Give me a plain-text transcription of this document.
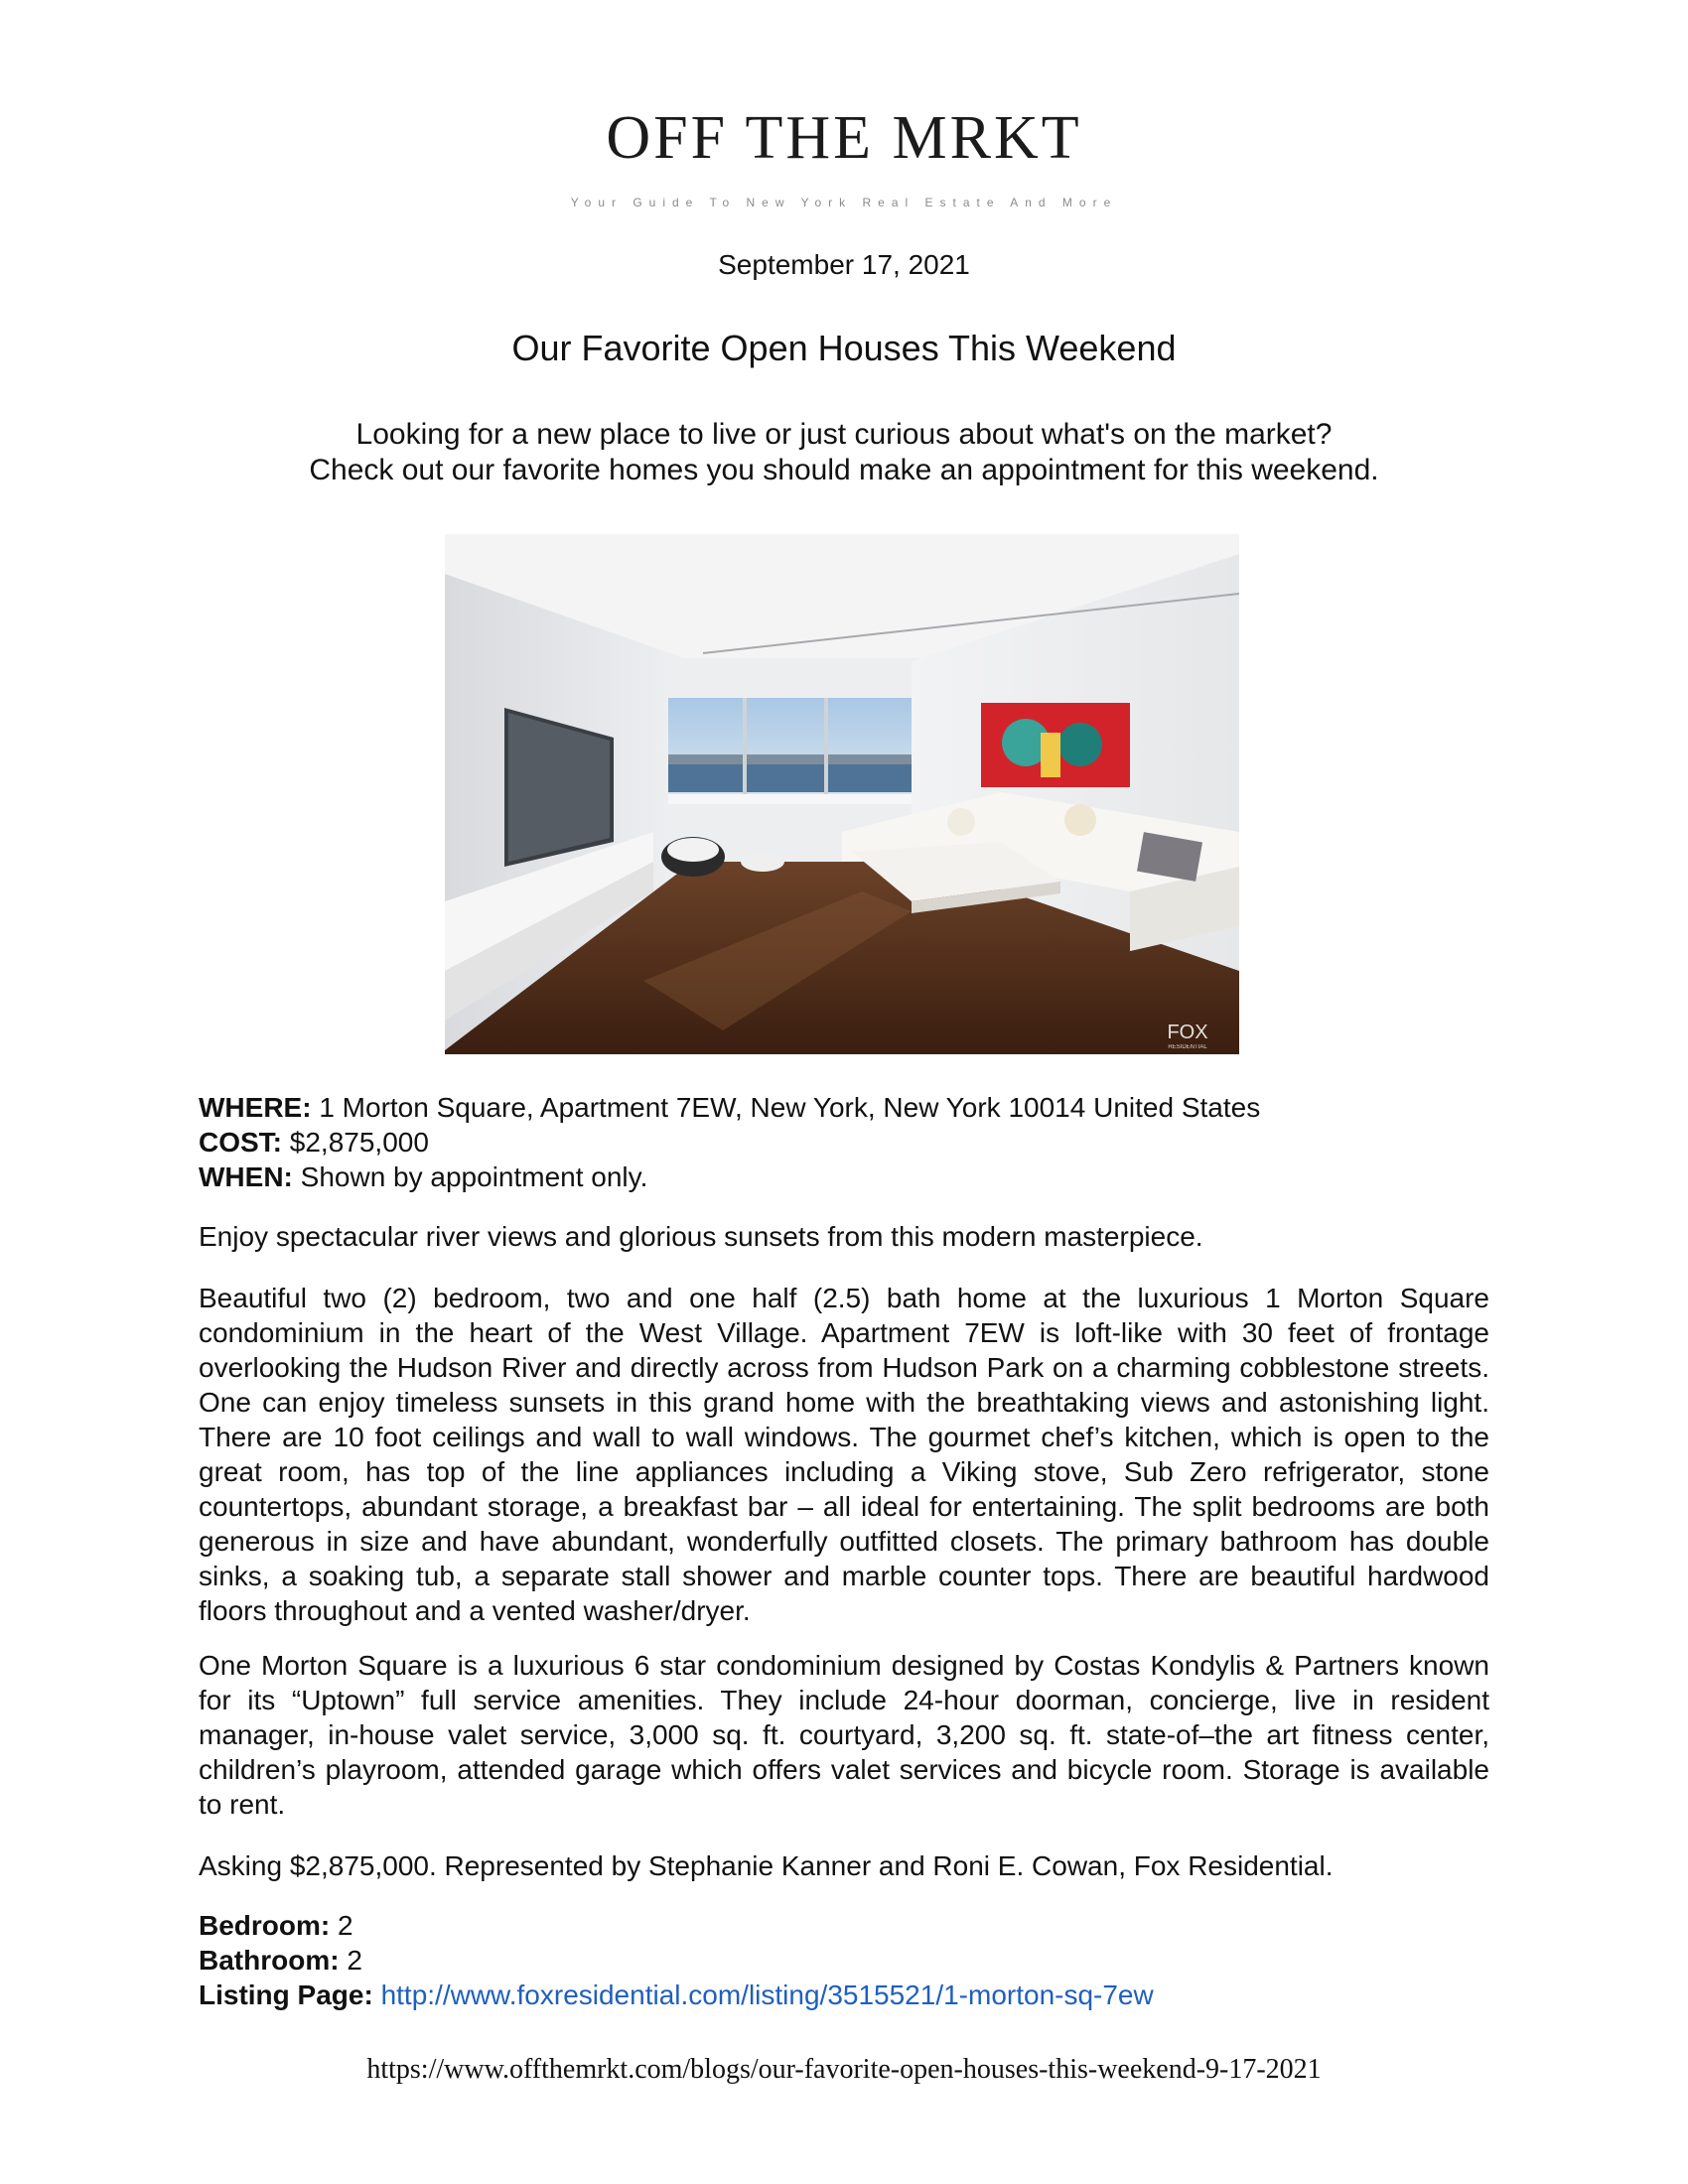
OFF THE MRKT
Your Guide To New York Real Estate And More
September 17, 2021
Our Favorite Open Houses This Weekend
Looking for a new place to live or just curious about what's on the market?
Check out our favorite homes you should make an appointment for this weekend.
FOX
RESIDENTIAL
WHERE: 1 Morton Square, Apartment 7EW, New York, New York 10014 United States
COST: $2,875,000
WHEN: Shown by appointment only.
Enjoy spectacular river views and glorious sunsets from this modern masterpiece.
Beautiful two (2) bedroom, two and one half (2.5) bath home at the luxurious 1 Morton Square condominium in the heart of the West Village. Apartment 7EW is loft-like with 30 feet of frontage overlooking the Hudson River and directly across from Hudson Park on a charming cobblestone streets. One can enjoy timeless sunsets in this grand home with the breathtaking views and astonishing light. There are 10 foot ceilings and wall to wall windows. The gourmet chef’s kitchen, which is open to the great room, has top of the line appliances including a Viking stove, Sub Zero refrigerator, stone countertops, abundant storage, a breakfast bar – all ideal for entertaining. The split bedrooms are both generous in size and have abundant, wonderfully outfitted closets. The primary bathroom has double sinks, a soaking tub, a separate stall shower and marble counter tops. There are beautiful hardwood floors throughout and a vented washer/dryer.
One Morton Square is a luxurious 6 star condominium designed by Costas Kondylis & Partners known for its “Uptown” full service amenities. They include 24-hour doorman, concierge, live in resident manager, in-house valet service, 3,000 sq. ft. courtyard, 3,200 sq. ft. state-of–the art fitness center, children’s playroom, attended garage which offers valet services and bicycle room. Storage is available to rent.
Asking $2,875,000. Represented by Stephanie Kanner and Roni E. Cowan, Fox Residential.
Bedroom: 2
Bathroom: 2
Listing Page: http://www.foxresidential.com/listing/3515521/1-morton-sq-7ew
https://www.offthemrkt.com/blogs/our-favorite-open-houses-this-weekend-9-17-2021
